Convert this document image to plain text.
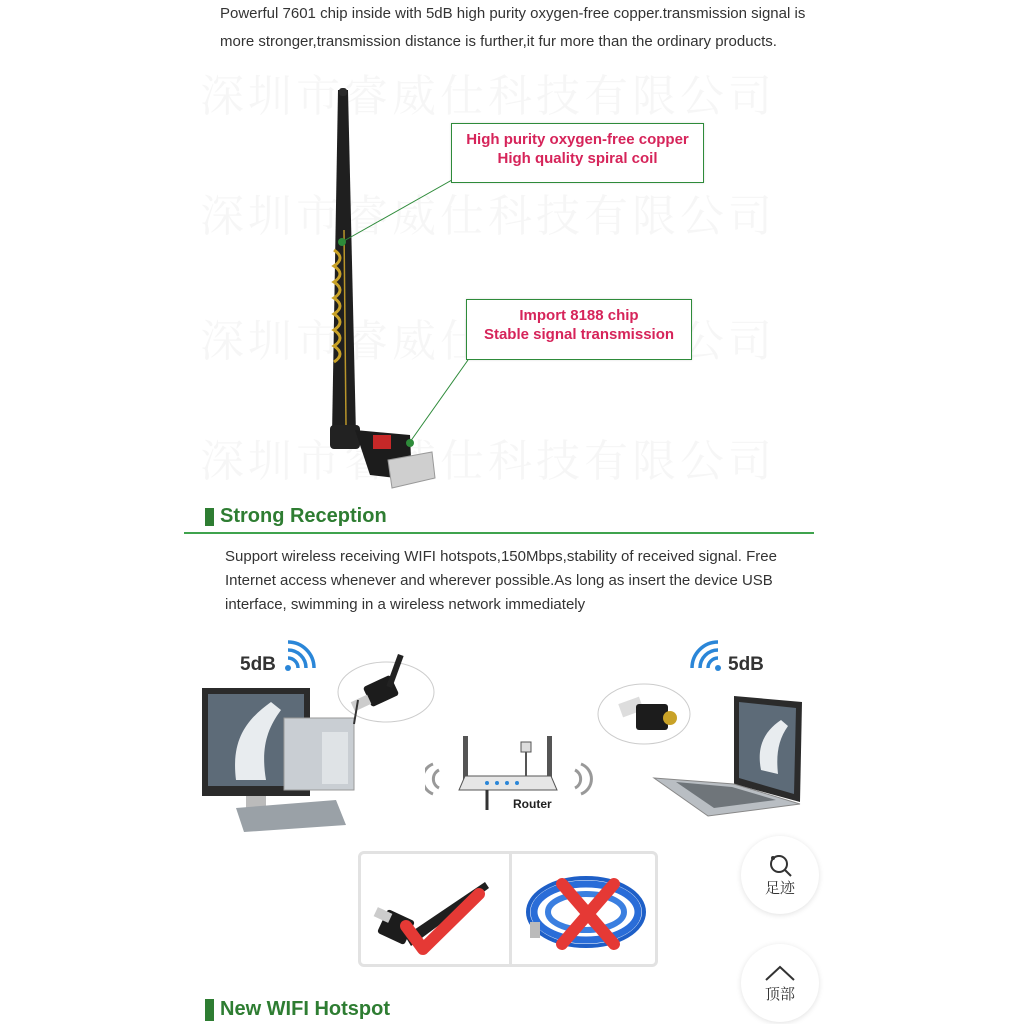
Powerful 7601 chip inside with 5dB high purity oxygen-free copper.transmission signal is more stronger,transmission distance is further,it fur more than the ordinary products.
High purity oxygen-free copper
High quality spiral coil
Import 8188 chip
Stable signal transmission
Strong Reception
Support wireless receiving WIFI hotspots,150Mbps,stability of received signal. Free Internet access whenever and wherever possible.As long as insert the device USB interface, swimming in a wireless network immediately
5dB	5dB
Router
New WIFI Hotspot
足迹
顶部
